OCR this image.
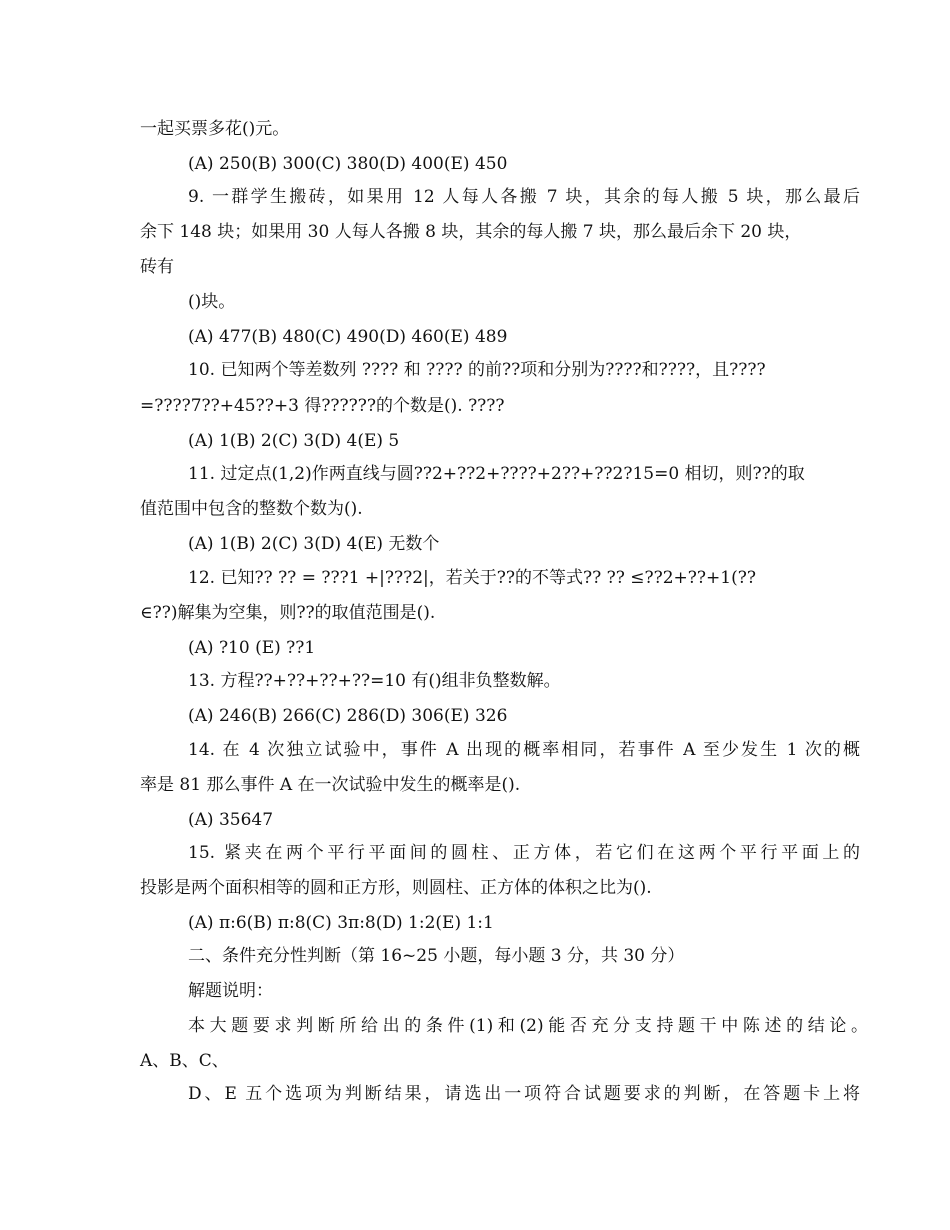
一起买票多花()元。
(A) 250(B) 300(C) 380(D) 400(E) 450
9. 一群学生搬砖，如果用 12 人每人各搬 7 块，其余的每人搬 5 块，那么最后
余下 148 块；如果用 30 人每人各搬 8 块，其余的每人搬 7 块，那么最后余下 20 块，
砖有
()块。
(A) 477(B) 480(C) 490(D) 460(E) 489
10. 已知两个等差数列 ???? 和 ???? 的前??项和分别为????和????，且????
=????7??+45??+3 得??????的个数是(). ????
(A) 1(B) 2(C) 3(D) 4(E) 5
11. 过定点(1,2)作两直线与圆??2+??2+????+2??+??2?15=0 相切，则??的取
值范围中包含的整数个数为().
(A) 1(B) 2(C) 3(D) 4(E) 无数个
12. 已知?? ?? = ???1 +|???2|，若关于??的不等式?? ?? ≤??2+??+1(??
∈??)解集为空集，则??的取值范围是().
(A) ?10 (E) ??1
13. 方程??+??+??+??=10 有()组非负整数解。
(A) 246(B) 266(C) 286(D) 306(E) 326
14. 在 4 次独立试验中，事件 A 出现的概率相同，若事件 A 至少发生 1 次的概
率是 81 那么事件 A 在一次试验中发生的概率是().
(A) 35647
15. 紧夹在两个平行平面间的圆柱、正方体，若它们在这两个平行平面上的
投影是两个面积相等的圆和正方形，则圆柱、正方体的体积之比为().
(A) π:6(B) π:8(C) 3π:8(D) 1:2(E) 1:1
二、条件充分性判断（第 16~25 小题，每小题 3 分，共 30 分）
解题说明：
本大题要求判断所给出的条件(1)和(2)能否充分支持题干中陈述的结论。
A、B、C、
D、E 五个选项为判断结果，请选出一项符合试题要求的判断，在答题卡上将
